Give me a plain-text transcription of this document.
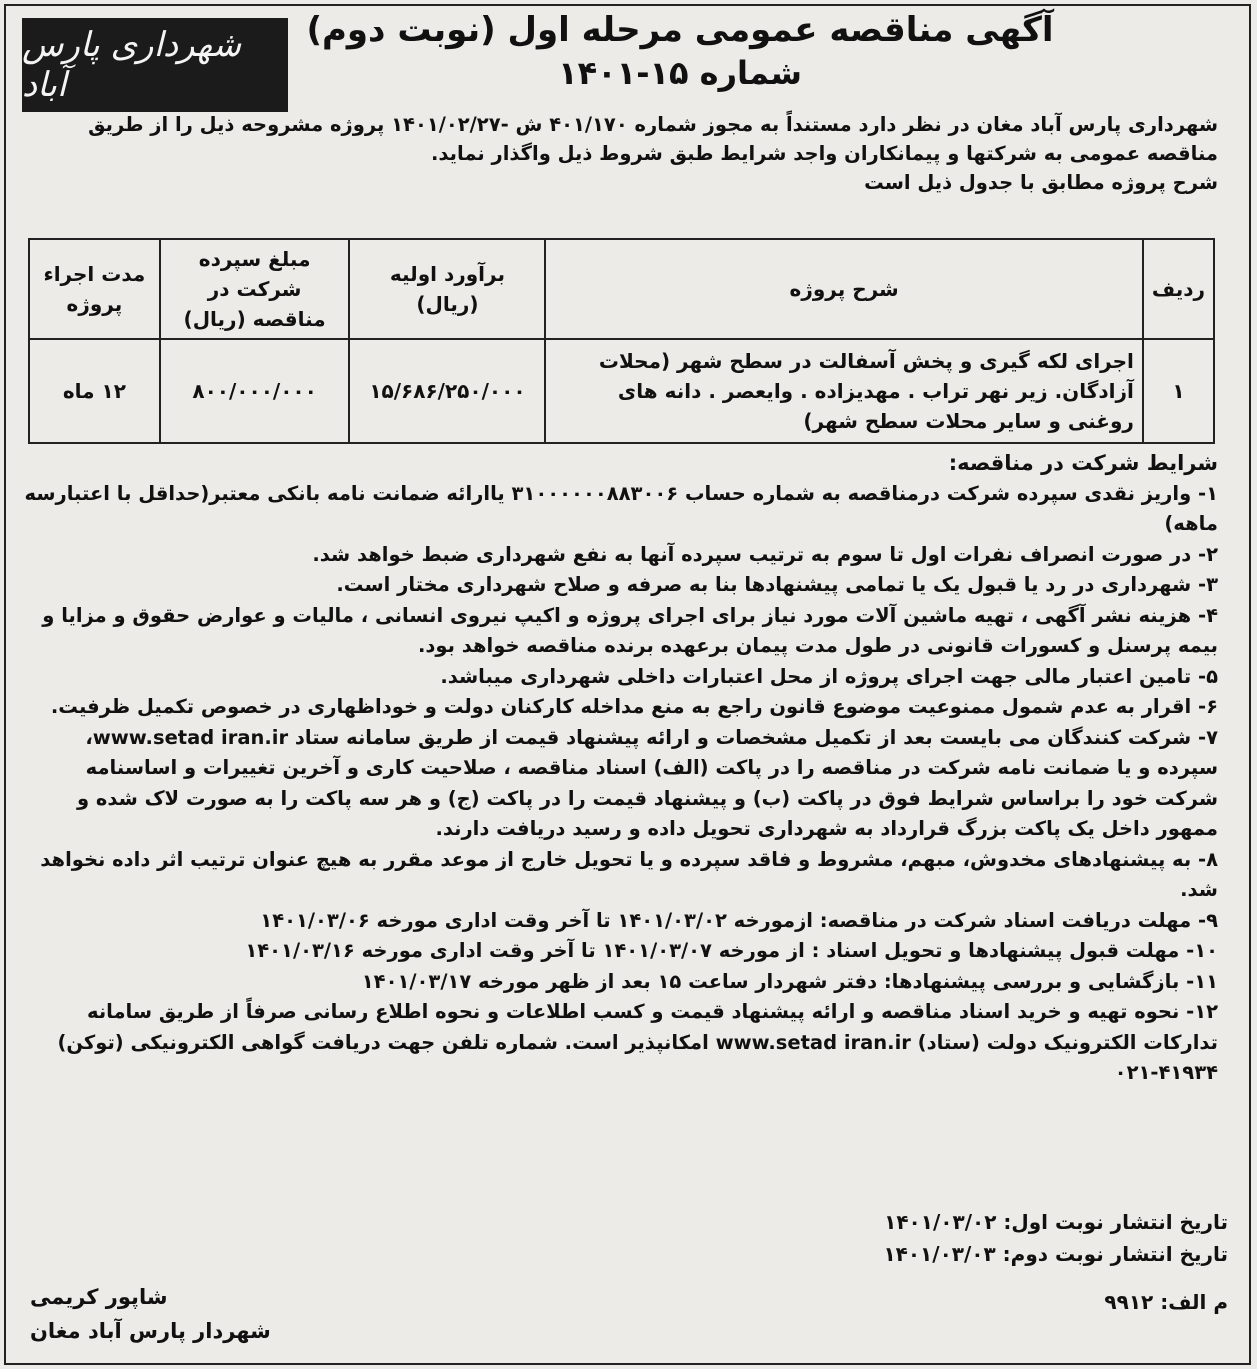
شهرداری پارس آباد
آگهی مناقصه عمومی مرحله اول (نوبت دوم)
شماره ۱۵-۱۴۰۱
شهرداری پارس آباد مغان در نظر دارد مستنداً به مجوز شماره ۴۰۱/۱۷۰ ش -۱۴۰۱/۰۲/۲۷ پروژه مشروحه ذیل را از طریق مناقصه عمومی به شرکتها و پیمانکاران واجد شرایط طبق شروط ذیل واگذار نماید.
شرح پروژه مطابق با جدول ذیل است
ردیف	شرح پروژه	برآورد اولیه (ریال)	مبلغ سپرده شرکت در مناقصه (ریال)	مدت اجراء پروژه
۱	اجرای لکه گیری و پخش آسفالت در سطح شهر (محلات آزادگان. زیر نهر تراب . مهدیزاده . وایعصر . دانه های روغنی و سایر محلات سطح شهر)	۱۵/۶۸۶/۲۵۰/۰۰۰	۸۰۰/۰۰۰/۰۰۰	۱۲ ماه

شرایط شرکت در مناقصه:

۱- واریز نقدی سپرده شرکت درمناقصه به شماره حساب ۳۱۰۰۰۰۰۰۸۸۳۰۰۶ یاارائه ضمانت نامه بانکی معتبر(حداقل با اعتبارسه ماهه)

۲- در صورت انصراف نفرات اول تا سوم به ترتیب سپرده آنها به نفع شهرداری ضبط خواهد شد.

۳- شهرداری در رد یا قبول یک یا تمامی پیشنهادها بنا به صرفه و صلاح شهرداری مختار است.

۴- هزینه نشر آگهی ، تهیه ماشین آلات مورد نیاز برای اجرای پروژه و اکیپ نیروی انسانی ، مالیات و عوارض حقوق و مزایا و بیمه پرسنل و کسورات قانونی در طول مدت پیمان برعهده برنده مناقصه خواهد بود.

۵- تامین اعتبار مالی جهت اجرای پروژه از محل اعتبارات داخلی شهرداری میباشد.

۶- اقرار به عدم شمول ممنوعیت موضوع قانون راجع به منع مداخله کارکنان دولت و خوداظهاری در خصوص تکمیل ظرفیت.

۷- شرکت کنندگان می بایست بعد از تکمیل مشخصات و ارائه پیشنهاد قیمت از طریق سامانه ستاد www.setad iran.ir، سپرده و یا ضمانت نامه شرکت در مناقصه را در پاکت (الف) اسناد مناقصه ، صلاحیت کاری و آخرین تغییرات و اساسنامه شرکت خود را براساس شرایط فوق در پاکت (ب) و پیشنهاد قیمت را در پاکت (ج) و هر سه پاکت را به صورت لاک شده و ممهور داخل یک پاکت بزرگ قرارداد به شهرداری تحویل داده و رسید دریافت دارند.

۸- به پیشنهادهای مخدوش، مبهم، مشروط و فاقد سپرده و یا تحویل خارج از موعد مقرر به هیچ عنوان ترتیب اثر داده نخواهد شد.

۹- مهلت دریافت اسناد شرکت در مناقصه: ازمورخه ۱۴۰۱/۰۳/۰۲ تا آخر وقت اداری مورخه ۱۴۰۱/۰۳/۰۶

۱۰- مهلت قبول پیشنهادها و تحویل اسناد : از مورخه ۱۴۰۱/۰۳/۰۷ تا آخر وقت اداری مورخه ۱۴۰۱/۰۳/۱۶

۱۱- بازگشایی و بررسی پیشنهادها: دفتر شهردار ساعت ۱۵ بعد از ظهر مورخه ۱۴۰۱/۰۳/۱۷

۱۲- نحوه تهیه و خرید اسناد مناقصه و ارائه پیشنهاد قیمت و کسب اطلاعات و نحوه اطلاع رسانی صرفاً از طریق سامانه تدارکات الکترونیک دولت (ستاد) www.setad iran.ir امکانپذیر است. شماره تلفن جهت دریافت گواهی الکترونیکی (توکن) ۴۱۹۳۴-۰۲۱

تاریخ انتشار نوبت اول: ۱۴۰۱/۰۳/۰۲

تاریخ انتشار نوبت دوم: ۱۴۰۱/۰۳/۰۳

م الف: ۹۹۱۲

شاپور کریمی

شهردار پارس آباد مغان
